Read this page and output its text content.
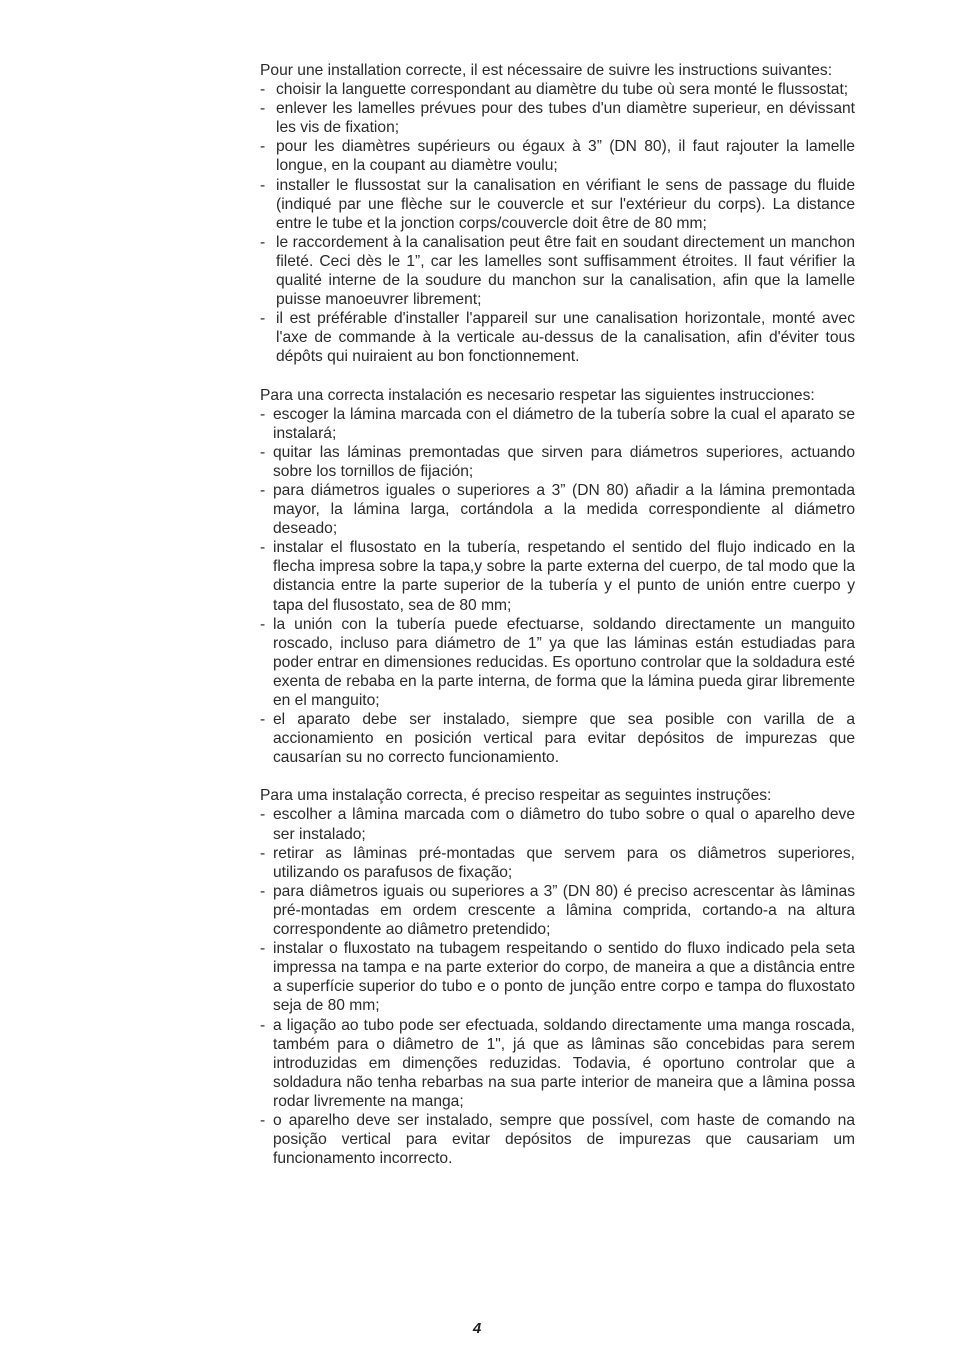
Pour une installation correcte, il est nécessaire de suivre les instructions suivantes:

- choisir la languette correspondant au diamètre du tube où sera monté le flussostat;

- enlever les lamelles prévues pour des tubes d'un diamètre superieur, en dévissant les vis de fixation;

- pour les diamètres supérieurs ou égaux à 3” (DN 80), il faut rajouter la lamelle longue, en la coupant au diamètre voulu;

- installer le flussostat sur la canalisation en vérifiant le sens de passage du fluide (indiqué par une flèche sur le couvercle et sur l'extérieur du corps). La distance entre le tube et la jonction corps/couvercle doit être de 80 mm;

- le raccordement à la canalisation peut être fait en soudant directement un manchon fileté. Ceci dès le 1”, car les lamelles sont suffisamment étroites. Il faut vérifier la qualité interne de la soudure du manchon sur la canalisation, afin que la lamelle puisse manoeuvrer librement;

- il est préférable d'installer l'appareil sur une canalisation horizontale, monté avec l'axe de commande à la verticale au-dessus de la canalisation, afin d'éviter tous dépôts qui nuiraient au bon fonctionnement.

Para una correcta instalación es necesario respetar las siguientes instrucciones:

- escoger la lámina marcada con el diámetro de la tubería sobre la cual el aparato se instalará;

- quitar las láminas premontadas que sirven para diámetros superiores, actuando sobre los tornillos de fijación;

- para diámetros iguales o superiores a 3” (DN 80) añadir a la lámina premontada mayor, la lámina larga, cortándola a la medida correspondiente al diámetro deseado;

- instalar el flusostato en la tubería, respetando el sentido del flujo indicado en la flecha impresa sobre la tapa,y sobre la parte externa del cuerpo, de tal modo que la distancia entre la parte superior de la tubería y el punto de unión entre cuerpo y tapa del flusostato, sea de 80 mm;

- la unión con la tubería puede efectuarse, soldando directamente un manguito roscado, incluso para diámetro de 1” ya que las láminas están estudiadas para poder entrar en dimensiones reducidas. Es oportuno controlar que la soldadura esté exenta de rebaba en la parte interna, de forma que la lámina pueda girar libremente en el manguito;

- el aparato debe ser instalado, siempre que sea posible con varilla de a accionamiento en posición vertical para evitar depósitos de impurezas que causarían su no correcto funcionamiento.

Para uma instalação correcta, é preciso respeitar as seguintes instruções:

- escolher a lâmina marcada com o diâmetro do tubo sobre o qual o aparelho deve ser instalado;

- retirar as lâminas pré-montadas que servem para os diâmetros superiores, utilizando os parafusos de fixação;

- para diâmetros iguais ou superiores a 3” (DN 80) é preciso acrescentar às lâminas pré-montadas em ordem crescente a lâmina comprida, cortando-a na altura correspondente ao diâmetro pretendido;

- instalar o fluxostato na tubagem respeitando o sentido do fluxo indicado pela seta impressa na tampa e na parte exterior do corpo, de maneira a que a distância entre a superfície superior do tubo e o ponto de junção entre corpo e tampa do fluxostato seja de 80 mm;

- a ligação ao tubo pode ser efectuada, soldando directamente uma manga roscada, também para o diâmetro de 1", já que as lâminas são concebidas para serem introduzidas em dimenções reduzidas. Todavia, é oportuno controlar que a soldadura não tenha rebarbas na sua parte interior de maneira que a lâmina possa rodar livremente na manga;

- o aparelho deve ser instalado, sempre que possível, com haste de comando na posição vertical para evitar depósitos de impurezas que causariam um funcionamento incorrecto.

4
